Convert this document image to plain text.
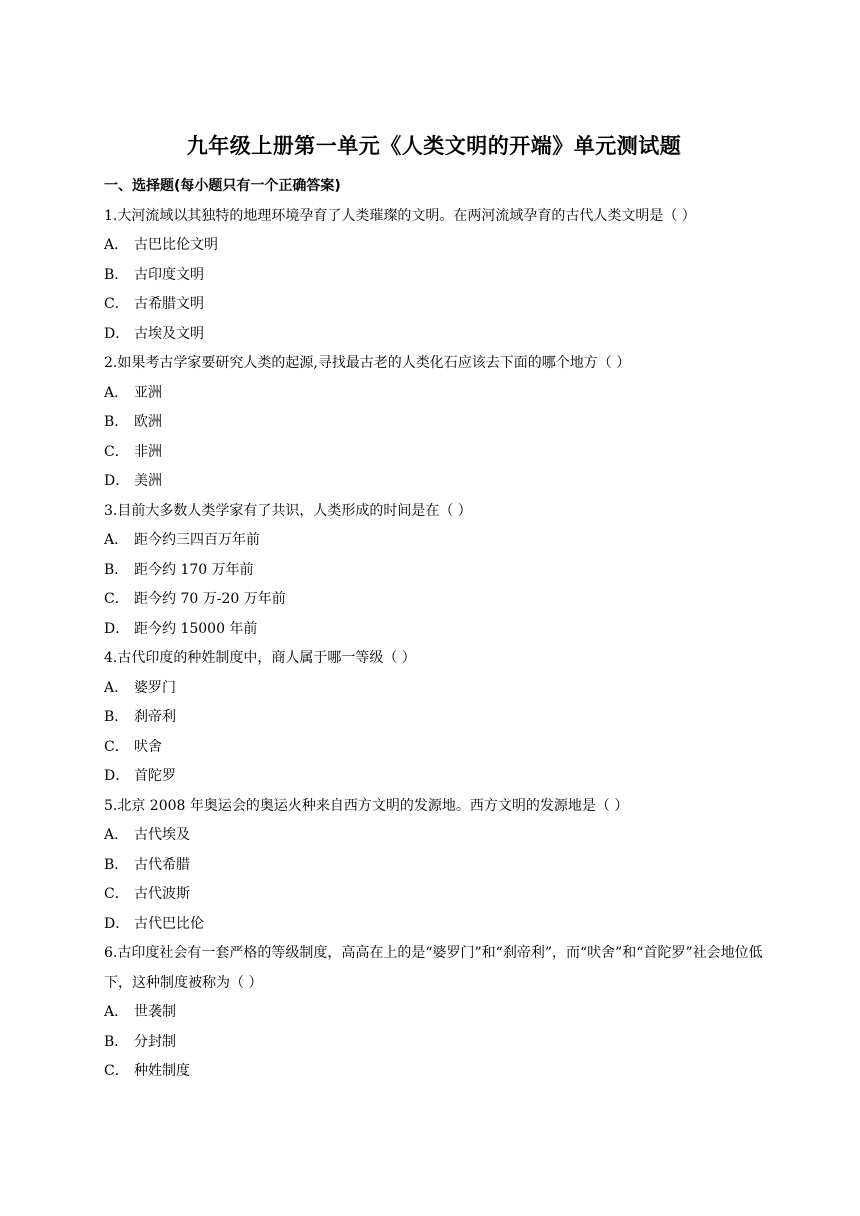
九年级上册第一单元《人类文明的开端》单元测试题

一、选择题(每小题只有一个正确答案)

1.大河流域以其独特的地理环境孕育了人类璀璨的文明。在两河流域孕育的古代人类文明是（ ）

A． 古巴比伦文明

B． 古印度文明

C． 古希腊文明

D． 古埃及文明

2.如果考古学家要研究人类的起源,寻找最古老的人类化石应该去下面的哪个地方（ ）

A． 亚洲

B． 欧洲

C． 非洲

D． 美洲

3.目前大多数人类学家有了共识，人类形成的时间是在（ ）

A． 距今约三四百万年前

B． 距今约 170 万年前

C． 距今约 70 万-20 万年前

D． 距今约 15000 年前

4.古代印度的种姓制度中，商人属于哪一等级（ ）

A． 婆罗门

B． 刹帝利

C． 吠舍

D． 首陀罗

5.北京 2008 年奥运会的奥运火种来自西方文明的发源地。西方文明的发源地是（ ）

A． 古代埃及

B． 古代希腊

C． 古代波斯

D． 古代巴比伦

6.古印度社会有一套严格的等级制度，高高在上的是“婆罗门”和“刹帝利”，而“吠舍”和“首陀罗”社会地位低下，这种制度被称为（ ）

A． 世袭制

B． 分封制

C． 种姓制度
